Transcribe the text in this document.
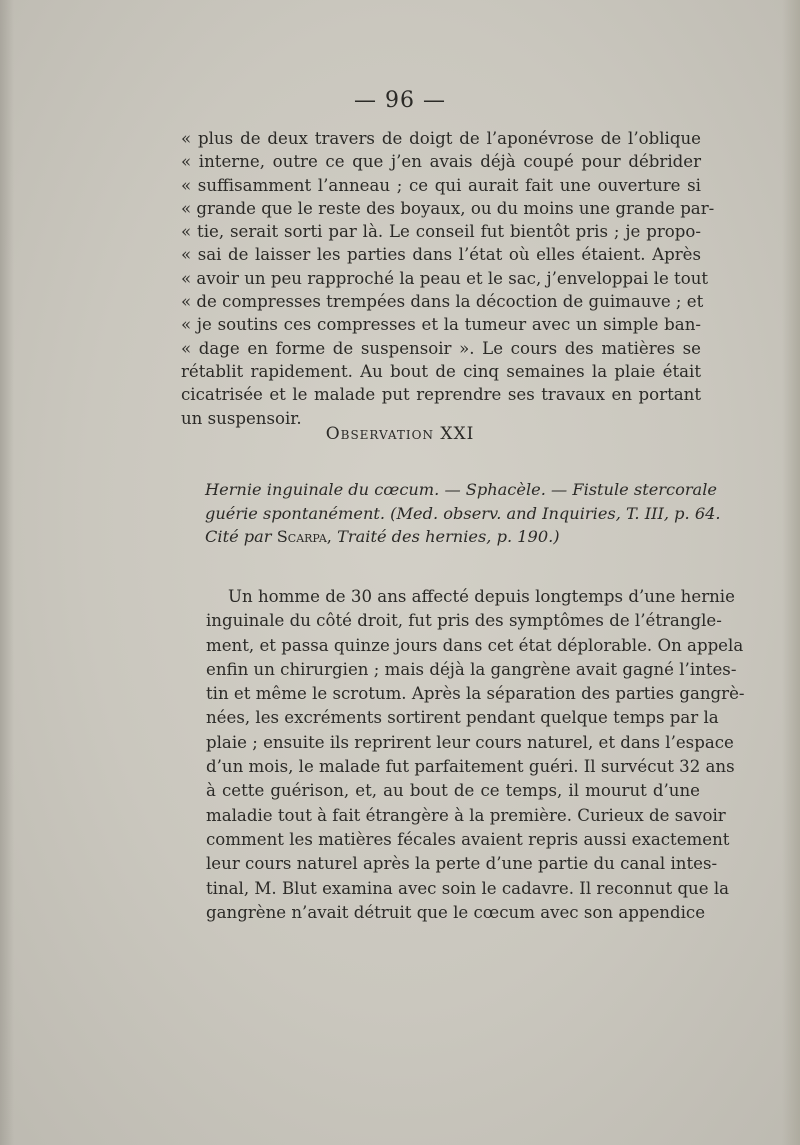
— 96 —
« plus de deux travers de doigt de l’aponévrose de l’oblique
« interne, outre ce que j’en avais déjà coupé pour débrider
« suffisamment l’anneau ; ce qui aurait fait une ouverture si
« grande que le reste des boyaux, ou du moins une grande par-
« tie, serait sorti par là. Le conseil fut bientôt pris ; je propo-
« sai de laisser les parties dans l’état où elles étaient. Après
« avoir un peu rapproché la peau et le sac, j’enveloppai le tout
« de compresses trempées dans la décoction de guimauve ; et
« je soutins ces compresses et la tumeur avec un simple ban-
« dage en forme de suspensoir ». Le cours des matières se
rétablit rapidement. Au bout de cinq semaines la plaie était
cicatrisée et le malade put reprendre ses travaux en portant
un suspensoir.
Observation XXI
Hernie inguinale du cœcum. — Sphacèle. — Fistule stercorale
guérie spontanément. (Med. observ. and Inquiries, T. III, p. 64.
Cité par Scarpa, Traité des hernies, p. 190.)
Un homme de 30 ans affecté depuis longtemps d’une hernie
inguinale du côté droit, fut pris des symptômes de l’étrangle-
ment, et passa quinze jours dans cet état déplorable. On appela
enfin un chirurgien ; mais déjà la gangrène avait gagné l’intes-
tin et même le scrotum. Après la séparation des parties gangrè-
nées, les excréments sortirent pendant quelque temps par la
plaie ; ensuite ils reprirent leur cours naturel, et dans l’espace
d’un mois, le malade fut parfaitement guéri. Il survécut 32 ans
à cette guérison, et, au bout de ce temps, il mourut d’une
maladie tout à fait étrangère à la première. Curieux de savoir
comment les matières fécales avaient repris aussi exactement
leur cours naturel après la perte d’une partie du canal intes-
tinal, M. Blut examina avec soin le cadavre. Il reconnut que la
gangrène n’avait détruit que le cœcum avec son appendice
